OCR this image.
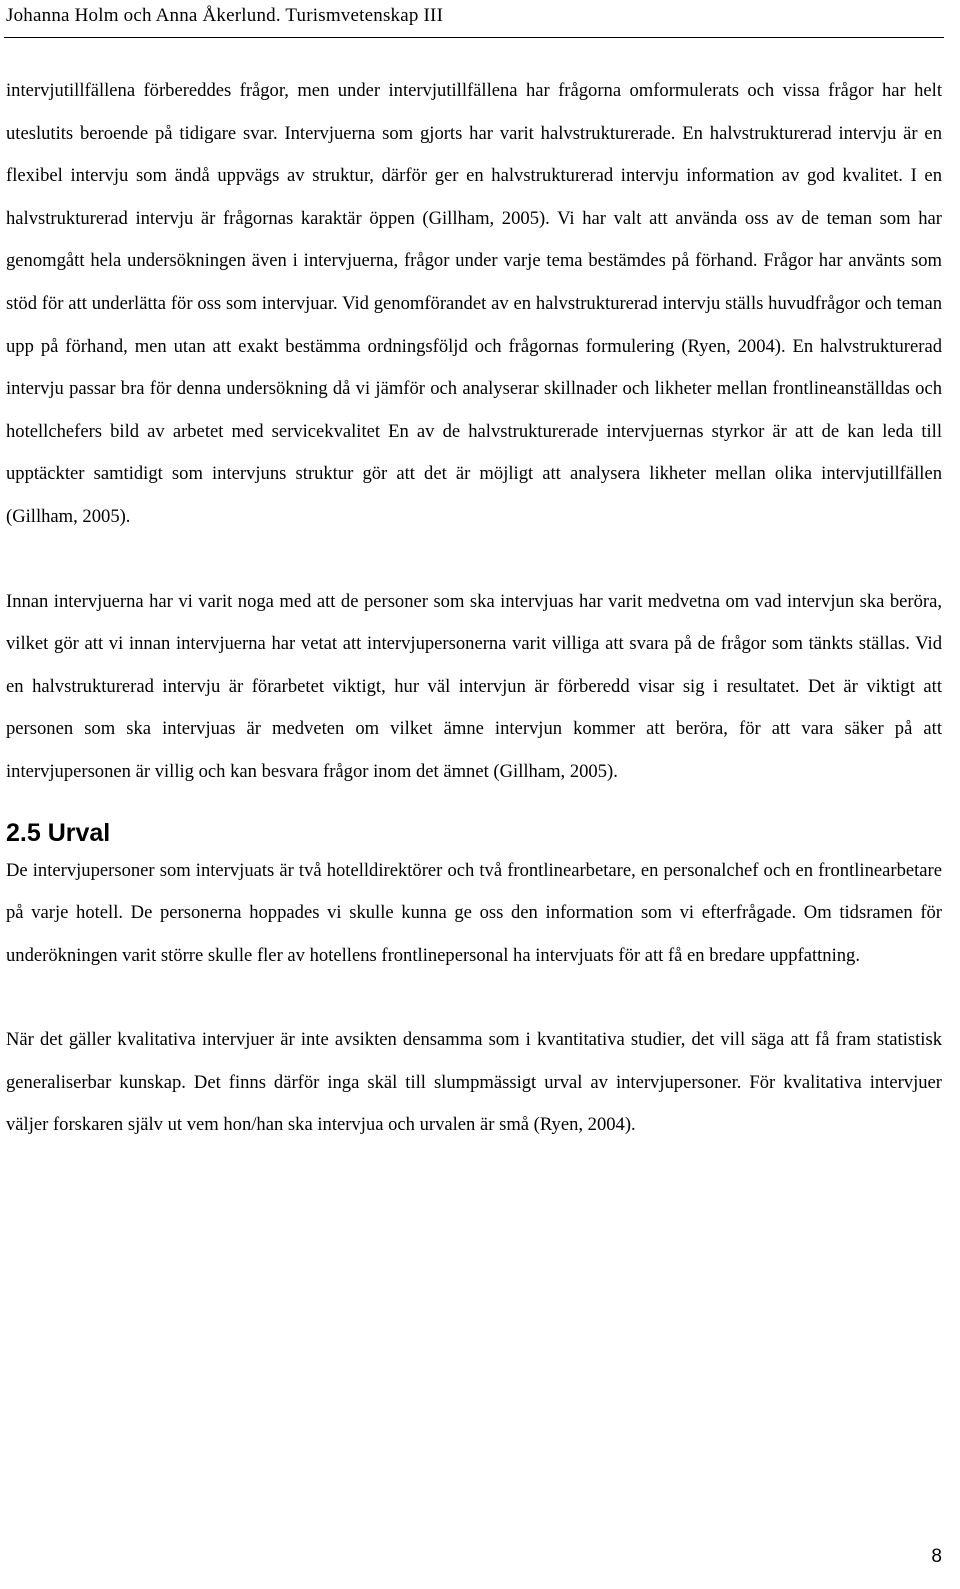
Johanna Holm och Anna Åkerlund. Turismvetenskap III

intervjutillfällena förbereddes frågor, men under intervjutillfällena har frågorna omformulerats och vissa frågor har helt uteslutits beroende på tidigare svar. Intervjuerna som gjorts har varit halvstrukturerade. En halvstrukturerad intervju är en flexibel intervju som ändå uppvägs av struktur, därför ger en halvstrukturerad intervju information av god kvalitet. I en halvstrukturerad intervju är frågornas karaktär öppen (Gillham, 2005). Vi har valt att använda oss av de teman som har genomgått hela undersökningen även i intervjuerna, frågor under varje tema bestämdes på förhand. Frågor har använts som stöd för att underlätta för oss som intervjuar. Vid genomförandet av en halvstrukturerad intervju ställs huvudfrågor och teman upp på förhand, men utan att exakt bestämma ordningsföljd och frågornas formulering (Ryen, 2004). En halvstrukturerad intervju passar bra för denna undersökning då vi jämför och analyserar skillnader och likheter mellan frontlineanställdas och hotellchefers bild av arbetet med servicekvalitet En av de halvstrukturerade intervjuernas styrkor är att de kan leda till upptäckter samtidigt som intervjuns struktur gör att det är möjligt att analysera likheter mellan olika intervjutillfällen (Gillham, 2005).

Innan intervjuerna har vi varit noga med att de personer som ska intervjuas har varit medvetna om vad intervjun ska beröra, vilket gör att vi innan intervjuerna har vetat att intervjupersonerna varit villiga att svara på de frågor som tänkts ställas. Vid en halvstrukturerad intervju är förarbetet viktigt, hur väl intervjun är förberedd visar sig i resultatet. Det är viktigt att personen som ska intervjuas är medveten om vilket ämne intervjun kommer att beröra, för att vara säker på att intervjupersonen är villig och kan besvara frågor inom det ämnet (Gillham, 2005).

2.5 Urval

De intervjupersoner som intervjuats är två hotelldirektörer och två frontlinearbetare, en personalchef och en frontlinearbetare på varje hotell. De personerna hoppades vi skulle kunna ge oss den information som vi efterfrågade. Om tidsramen för underökningen varit större skulle fler av hotellens frontlinepersonal ha intervjuats för att få en bredare uppfattning.

När det gäller kvalitativa intervjuer är inte avsikten densamma som i kvantitativa studier, det vill säga att få fram statistisk generaliserbar kunskap. Det finns därför inga skäl till slumpmässigt urval av intervjupersoner. För kvalitativa intervjuer väljer forskaren själv ut vem hon/han ska intervjua och urvalen är små (Ryen, 2004).

8
